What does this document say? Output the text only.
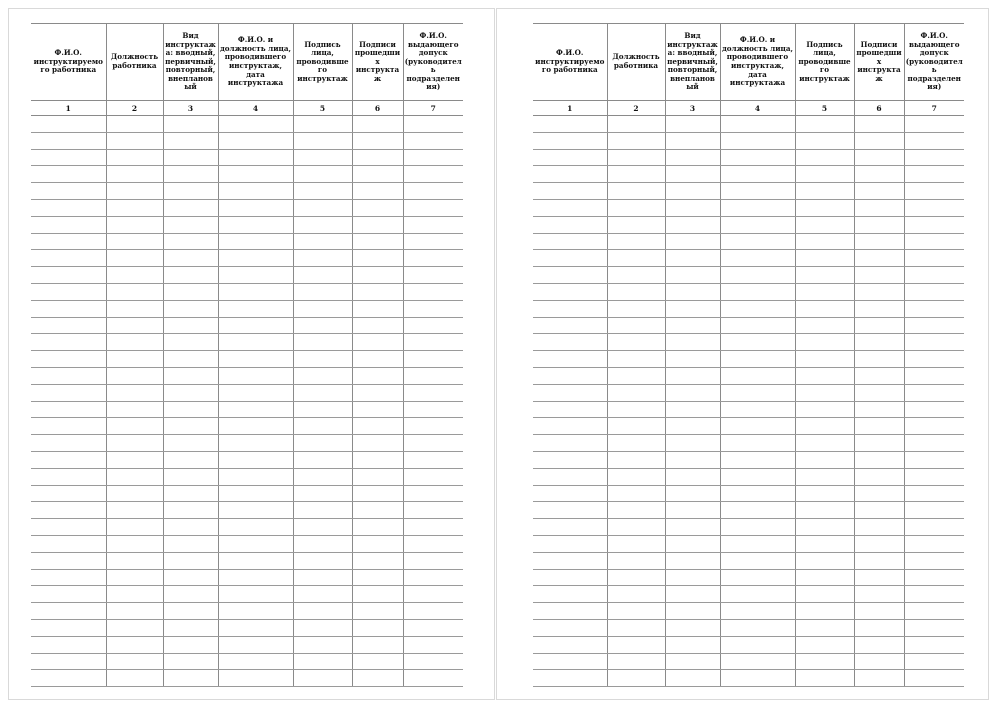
Ф.И.О. инструктируемого работника	Должность работника	Вид инструктажа: вводный, первичный, повторный, внеплановый	Ф.И.О. и должность лица, проводившего инструктаж, дата инструктажа	Подпись лица, проводившего инструктаж	Подписи прошедших инструктаж	Ф.И.О. выдающего допуск (руководитель подразделения)
1	2	3	4	5	6	7

Ф.И.О. инструктируемого работника	Должность работника	Вид инструктажа: вводный, первичный, повторный, внеплановый	Ф.И.О. и должность лица, проводившего инструктаж, дата инструктажа	Подпись лица, проводившего инструктаж	Подписи прошедших инструктаж	Ф.И.О. выдающего допуск (руководитель подразделения)
1	2	3	4	5	6	7
